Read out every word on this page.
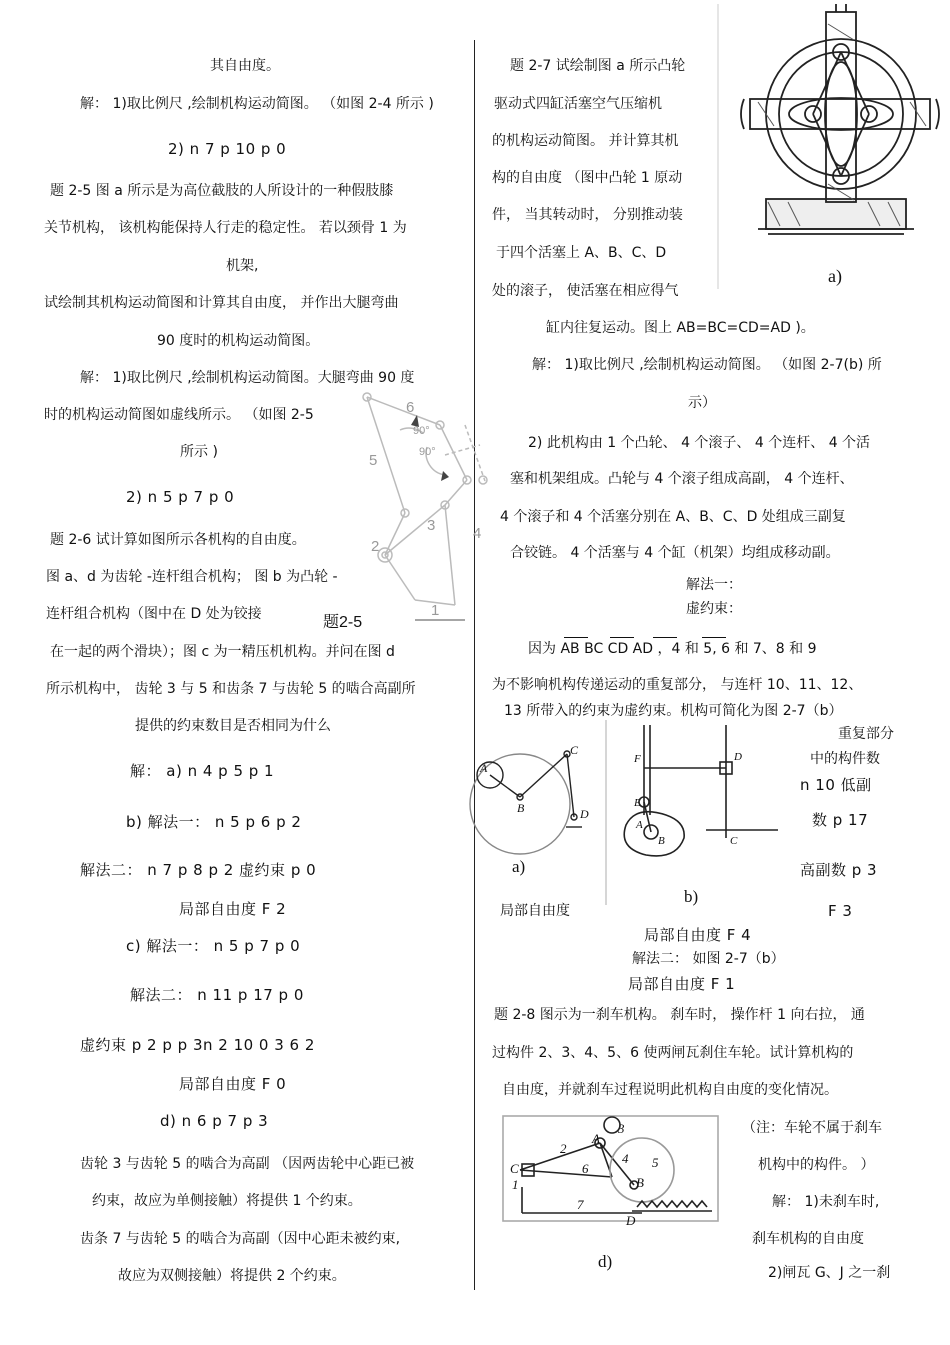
其自由度。
解： 1)取比例尺 ,绘制机构运动简图。 （如图 2-4 所示 )
2) n 7 p 10 p 0
题 2-5 图 a 所示是为高位截肢的人所设计的一种假肢膝
关节机构， 该机构能保持人行走的稳定性。 若以颈骨 1 为
机架,
试绘制其机构运动简图和计算其自由度， 并作出大腿弯曲
90 度时的机构运动简图。
解： 1)取比例尺 ,绘制机构运动简图。大腿弯曲 90 度
时的机构运动简图如虚线所示。 （如图 2-5
所示 )
2) n 5 p 7 p 0
题 2-6 试计算如图所示各机构的自由度。
图 a、d 为齿轮 -连杆组合机构； 图 b 为凸轮 -
连杆组合机构（图中在 D 处为铰接
在一起的两个滑块）；图 c 为一精压机机构。并问在图 d
所示机构中， 齿轮 3 与 5 和齿条 7 与齿轮 5 的啮合高副所
提供的约束数目是否相同为什么
解： a) n 4 p 5 p 1
b) 解法一： n 5 p 6 p 2
解法二： n 7 p 8 p 2 虚约束 p 0
局部自由度 F 2
c) 解法一： n 5 p 7 p 0
解法二： n 11 p 17 p 0
虚约束 p 2 p p 3n 2 10 0 3 6 2
局部自由度 F 0
d) n 6 p 7 p 3
齿轮 3 与齿轮 5 的啮合为高副 （因两齿轮中心距已被
约束，故应为单侧接触）将提供 1 个约束。
齿条 7 与齿轮 5 的啮合为高副（因中心距未被约束,
故应为双侧接触）将提供 2 个约束。
6
90°
90°
5
3	4
2
1
题2-5
题 2-7 试绘制图 a 所示凸轮
驱动式四缸活塞空气压缩机
的机构运动简图。 并计算其机
构的自由度 （图中凸轮 1 原动
件， 当其转动时， 分别推动装
于四个活塞上 A、B、C、D
处的滚子， 使活塞在相应得气
缸内往复运动。图上 AB=BC=CD=AD )。
解： 1)取比例尺 ,绘制机构运动简图。 （如图 2-7(b) 所
示）
2) 此机构由 1 个凸轮、 4 个滚子、 4 个连杆、 4 个活
塞和机架组成。凸轮与 4 个滚子组成高副， 4 个连杆、
4 个滚子和 4 个活塞分别在 A、B、C、D 处组成三副复
合铰链。 4 个活塞与 4 个缸（机架）均组成移动副。
解法一：
虚约束：
因为 AB BC CD AD ，4 和 5, 6 和 7、8 和 9
为不影响机构传递运动的重复部分， 与连杆 10、11、12、
13 所带入的约束为虚约束。机构可简化为图 2-7（b）
重复部分
中的构件数
n 10 低副
数 p 17
高副数 p 3
局部自由度	F 3
局部自由度 F 4
解法二： 如图 2-7（b）
局部自由度 F 1
题 2-8 图示为一刹车机构。 刹车时， 操作杆 1 向右拉， 通
过构件 2、3、4、5、6 使两闸瓦刹住车轮。试计算机构的
自由度，并就刹车过程说明此机构自由度的变化情况。
（注：车轮不属于刹车
机构中的构件。 ）
解： 1)未刹车时,
刹车机构的自由度
2)闸瓦 G、J 之一刹
a)
A
B
C
D
a)
A
B	C
D
E
F
b)
A
B
C
D
1
2
3
4 5
6
7
d)
